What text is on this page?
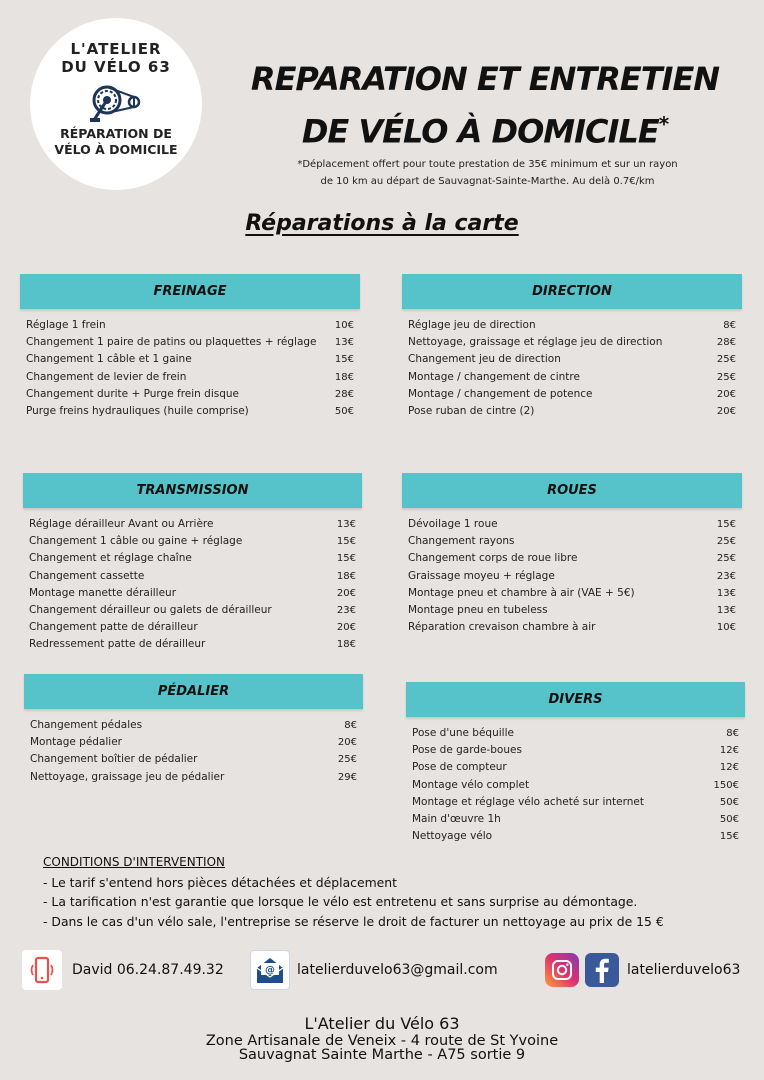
L'ATELIER
DU VÉLO 63
RÉPARATION DE
VÉLO À DOMICILE
REPARATION ET ENTRETIEN
DE VÉLO À DOMICILE*
*Déplacement offert pour toute prestation de 35€ minimum et sur un rayon
de 10 km au départ de Sauvagnat-Sainte-Marthe. Au delà 0.7€/km
Réparations à la carte
FREINAGE
Réglage 1 frein	10€
Changement 1 paire de patins ou plaquettes + réglage 13€
Changement 1 câble et 1 gaine	15€
Changement de levier de frein	18€
Changement durite + Purge frein disque	28€
Purge freins hydrauliques (huile comprise)	50€
DIRECTION
Réglage jeu de direction	8€
Nettoyage, graissage et réglage jeu de direction	28€
Changement jeu de direction	25€
Montage / changement de cintre	25€
Montage / changement de potence	20€
Pose ruban de cintre (2)	20€
TRANSMISSION
Réglage dérailleur Avant ou Arrière	13€
Changement 1 câble ou gaine + réglage	15€
Changement et réglage chaîne	15€
Changement cassette	18€
Montage manette dérailleur	20€
Changement dérailleur ou galets de dérailleur	23€
Changement patte de dérailleur	20€
Redressement patte de dérailleur	18€
ROUES
Dévoilage 1 roue	15€
Changement rayons	25€
Changement corps de roue libre	25€
Graissage moyeu + réglage	23€
Montage pneu et chambre à air (VAE + 5€)	13€
Montage pneu en tubeless	13€
Réparation crevaison chambre à air	10€
PÉDALIER
Changement pédales	8€
Montage pédalier	20€
Changement boîtier de pédalier	25€
Nettoyage, graissage jeu de pédalier	29€
DIVERS
Pose d'une béquille	8€
Pose de garde-boues	12€
Pose de compteur	12€
Montage vélo complet	150€
Montage et réglage vélo acheté sur internet	50€
Main d'œuvre 1h	50€
Nettoyage vélo	15€
CONDITIONS D'INTERVENTION
- Le tarif s'entend hors pièces détachées et déplacement
- La tarification n'est garantie que lorsque le vélo est entretenu et sans surprise au démontage.
- Dans le cas d'un vélo sale, l'entreprise se réserve le droit de facturer un nettoyage au prix de 15 €
David 06.24.87.49.32	@ latelierduvelo63@gmail.com	latelierduvelo63
L'Atelier du Vélo 63
Zone Artisanale de Veneix - 4 route de St Yvoine
Sauvagnat Sainte Marthe - A75 sortie 9
